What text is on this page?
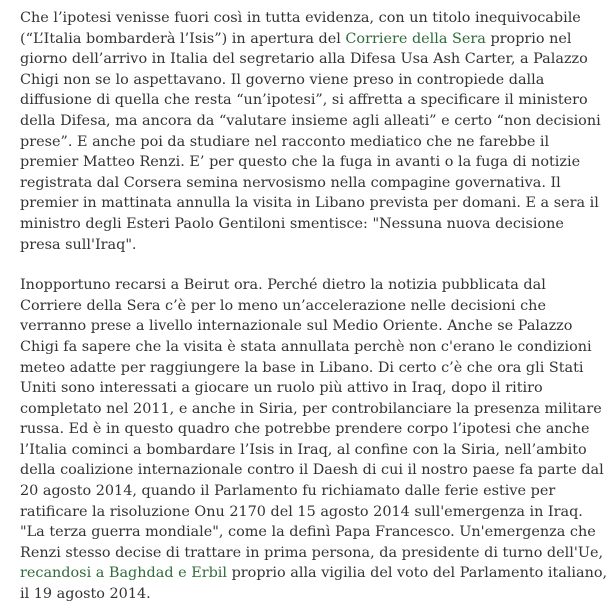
Che l’ipotesi venisse fuori così in tutta evidenza, con un titolo inequivocabile (“L’Italia bombarderà l’Isis”) in apertura del Corriere della Sera proprio nel giorno dell’arrivo in Italia del segretario alla Difesa Usa Ash Carter, a Palazzo Chigi non se lo aspettavano. Il governo viene preso in contropiede dalla diffusione di quella che resta “un’ipotesi”, si affretta a specificare il ministero della Difesa, ma ancora da “valutare insieme agli alleati” e certo “non decisioni prese”. E anche poi da studiare nel racconto mediatico che ne farebbe il premier Matteo Renzi. E’ per questo che la fuga in avanti o la fuga di notizie registrata dal Corsera semina nervosismo nella compagine governativa. Il premier in mattinata annulla la visita in Libano prevista per domani. E a sera il ministro degli Esteri Paolo Gentiloni smentisce: "Nessuna nuova decisione presa sull'Iraq".

Inopportuno recarsi a Beirut ora. Perché dietro la notizia pubblicata dal Corriere della Sera c’è per lo meno un’accelerazione nelle decisioni che verranno prese a livello internazionale sul Medio Oriente. Anche se Palazzo Chigi fa sapere che la visita è stata annullata perchè non c'erano le condizioni meteo adatte per raggiungere la base in Libano. Di certo c’è che ora gli Stati Uniti sono interessati a giocare un ruolo più attivo in Iraq, dopo il ritiro completato nel 2011, e anche in Siria, per controbilanciare la presenza militare russa. Ed è in questo quadro che potrebbe prendere corpo l’ipotesi che anche l’Italia cominci a bombardare l’Isis in Iraq, al confine con la Siria, nell’ambito della coalizione internazionale contro il Daesh di cui il nostro paese fa parte dal 20 agosto 2014, quando il Parlamento fu richiamato dalle ferie estive per ratificare la risoluzione Onu 2170 del 15 agosto 2014 sull'emergenza in Iraq. "La terza guerra mondiale", come la definì Papa Francesco. Un'emergenza che Renzi stesso decise di trattare in prima persona, da presidente di turno dell'Ue, recandosi a Baghdad e Erbil proprio alla vigilia del voto del Parlamento italiano, il 19 agosto 2014.
